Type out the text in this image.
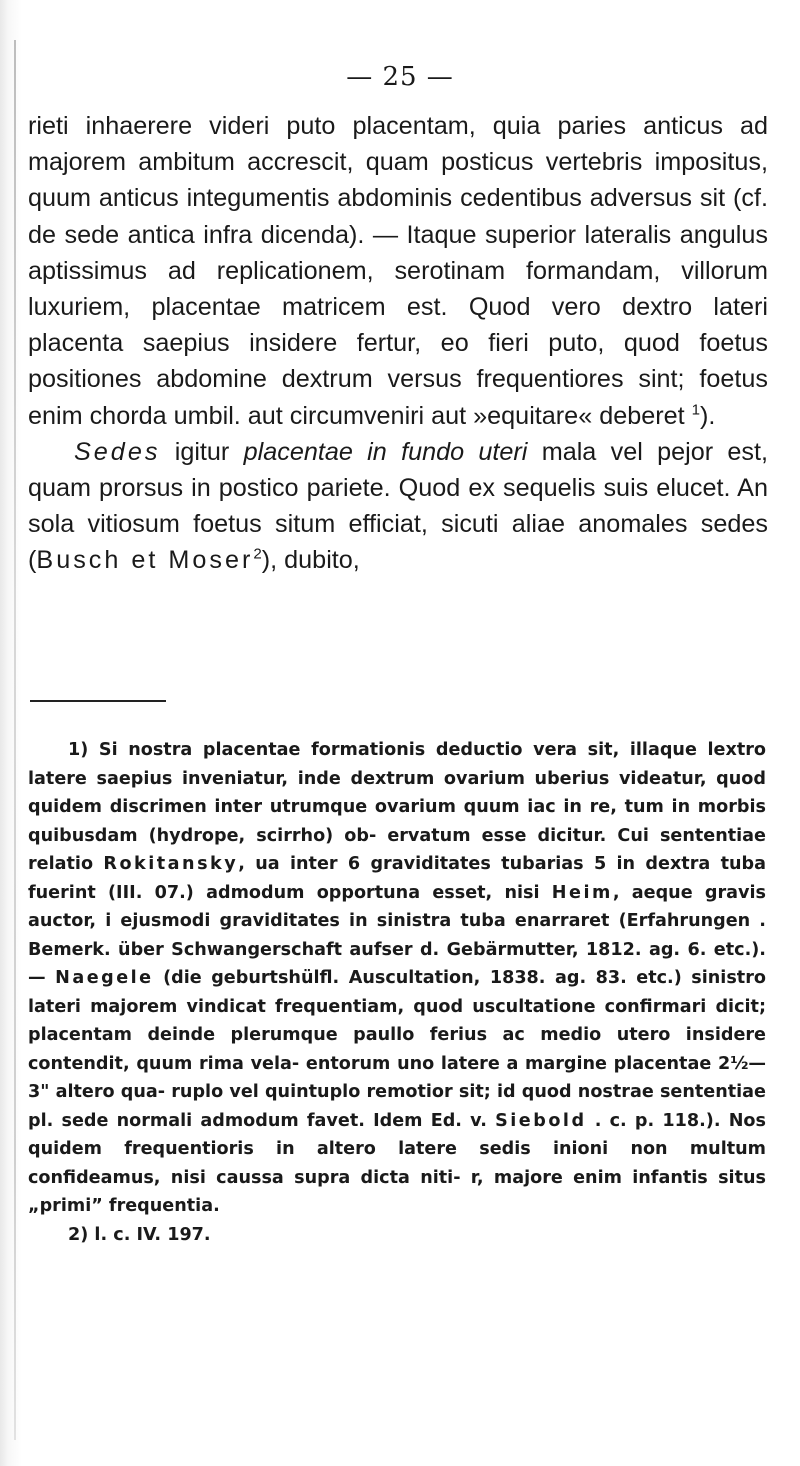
— 25 —

rieti inhaerere videri puto placentam, quia paries anticus ad majorem ambitum accrescit, quam posticus vertebris impositus, quum anticus integumentis abdominis cedentibus adversus sit (cf. de sede antica infra dicenda). — Itaque superior lateralis angulus aptissimus ad replicationem, serotinam formandam, villorum luxuriem, placentae matricem est. Quod vero dextro lateri placenta saepius insidere fertur, eo fieri puto, quod foetus positiones abdomine dextrum versus frequentiores sint; foetus enim chorda umbil. aut circumveniri aut »equitare« deberet $^1$).

Sedes igitur placentae in fundo uteri mala vel pejor est, quam prorsus in postico pariete. Quod ex sequelis suis elucet. An sola vitiosum foetus situm efficiat, sicuti aliae anomales sedes (Busch et Moser$^2$), dubito,

1) Si nostra placentae formationis deductio vera sit, illaque lextro latere saepius inveniatur, inde dextrum ovarium uberius videatur, quod quidem discrimen inter utrumque ovarium quum iac in re, tum in morbis quibusdam (hydrope, scirrho) ob- ervatum esse dicitur. Cui sententiae relatio Rokitansky, ua inter 6 graviditates tubarias 5 in dextra tuba fuerint (III. 07.) admodum opportuna esset, nisi Heim, aeque gravis auctor, i ejusmodi graviditates in sinistra tuba enarraret (Erfahrungen . Bemerk. über Schwangerschaft aufser d. Gebärmutter, 1812. ag. 6. etc.). — Naegele (die geburtshülfl. Auscultation, 1838. ag. 83. etc.) sinistro lateri majorem vindicat frequentiam, quod uscultatione confirmari dicit; placentam deinde plerumque paullo ferius ac medio utero insidere contendit, quum rima vela- entorum uno latere a margine placentae 2½—3" altero qua- ruplo vel quintuplo remotior sit; id quod nostrae sententiae pl. sede normali admodum favet. Idem Ed. v. Siebold . c. p. 118.). Nos quidem frequentioris in altero latere sedis inioni non multum confideamus, nisi caussa supra dicta niti- r, majore enim infantis situs „primi” frequentia.

2) l. c. IV. 197.
